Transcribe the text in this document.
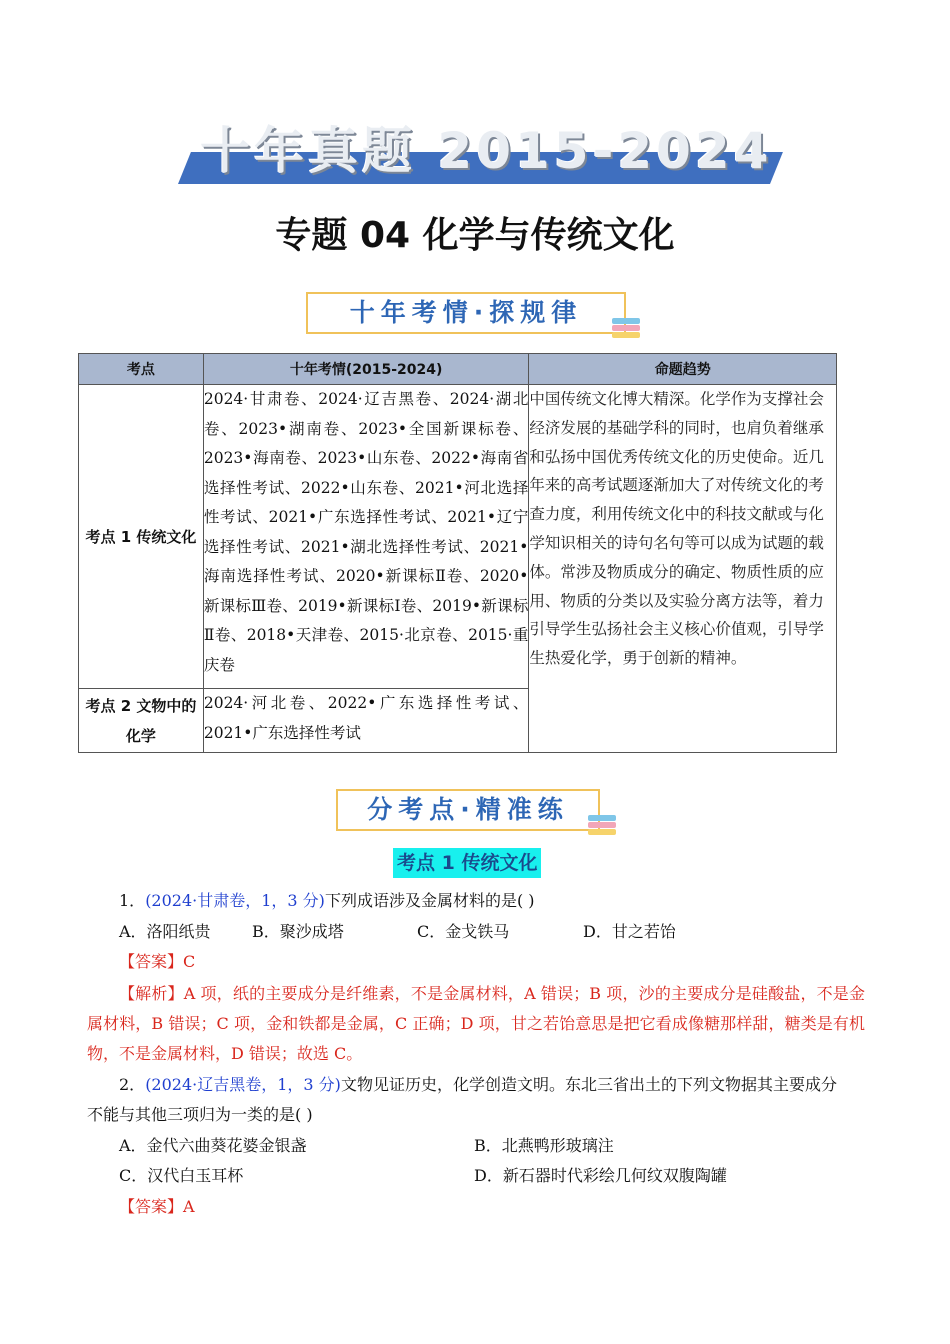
十年真题 2015-2024
专题 04 化学与传统文化
十年考情·探规律
考点	十年考情(2015-2024)	命题趋势
考点 1 传统文化	2024·甘肃卷、2024·辽吉黑卷、2024·湖北卷、2023•湖南卷、2023•全国新课标卷、2023•海南卷、2023•山东卷、2022•海南省选择性考试、2022•山东卷、2021•河北选择性考试、2021•广东选择性考试、2021•辽宁选择性考试、2021•湖北选择性考试、2021•海南选择性考试、2020•新课标Ⅱ卷、2020•新课标Ⅲ卷、2019•新课标Ⅰ卷、2019•新课标Ⅱ卷、2018•天津卷、2015·北京卷、2015·重庆卷	中国传统文化博大精深。化学作为支撑社会经济发展的基础学科的同时，也肩负着继承和弘扬中国优秀传统文化的历史使命。近几年来的高考试题逐渐加大了对传统文化的考查力度，利用传统文化中的科技文献或与化学知识相关的诗句名句等可以成为试题的载体。常涉及物质成分的确定、物质性质的应用、物质的分类以及实验分离方法等，着力引导学生弘扬社会主义核心价值观，引导学生热爱化学，勇于创新的精神。
考点 2 文物中的化学	2024·河北卷、2022•广东选择性考试、2021•广东选择性考试	
分考点·精准练
考点 1 传统文化
1．(2024·甘肃卷，1，3 分)下列成语涉及金属材料的是( )
A．洛阳纸贵	B．聚沙成塔	C．金戈铁马	D．甘之若饴
【答案】C
【解析】A 项，纸的主要成分是纤维素，不是金属材料，A 错误；B 项，沙的主要成分是硅酸盐，不是金属材料，B 错误；C 项，金和铁都是金属，C 正确；D 项，甘之若饴意思是把它看成像糖那样甜，糖类是有机物，不是金属材料，D 错误；故选 C。
2．(2024·辽吉黑卷，1，3 分)文物见证历史，化学创造文明。东北三省出土的下列文物据其主要成分
不能与其他三项归为一类的是( )
A．金代六曲葵花婆金银盏	B．北燕鸭形玻璃注
C．汉代白玉耳杯	D．新石器时代彩绘几何纹双腹陶罐
【答案】A
